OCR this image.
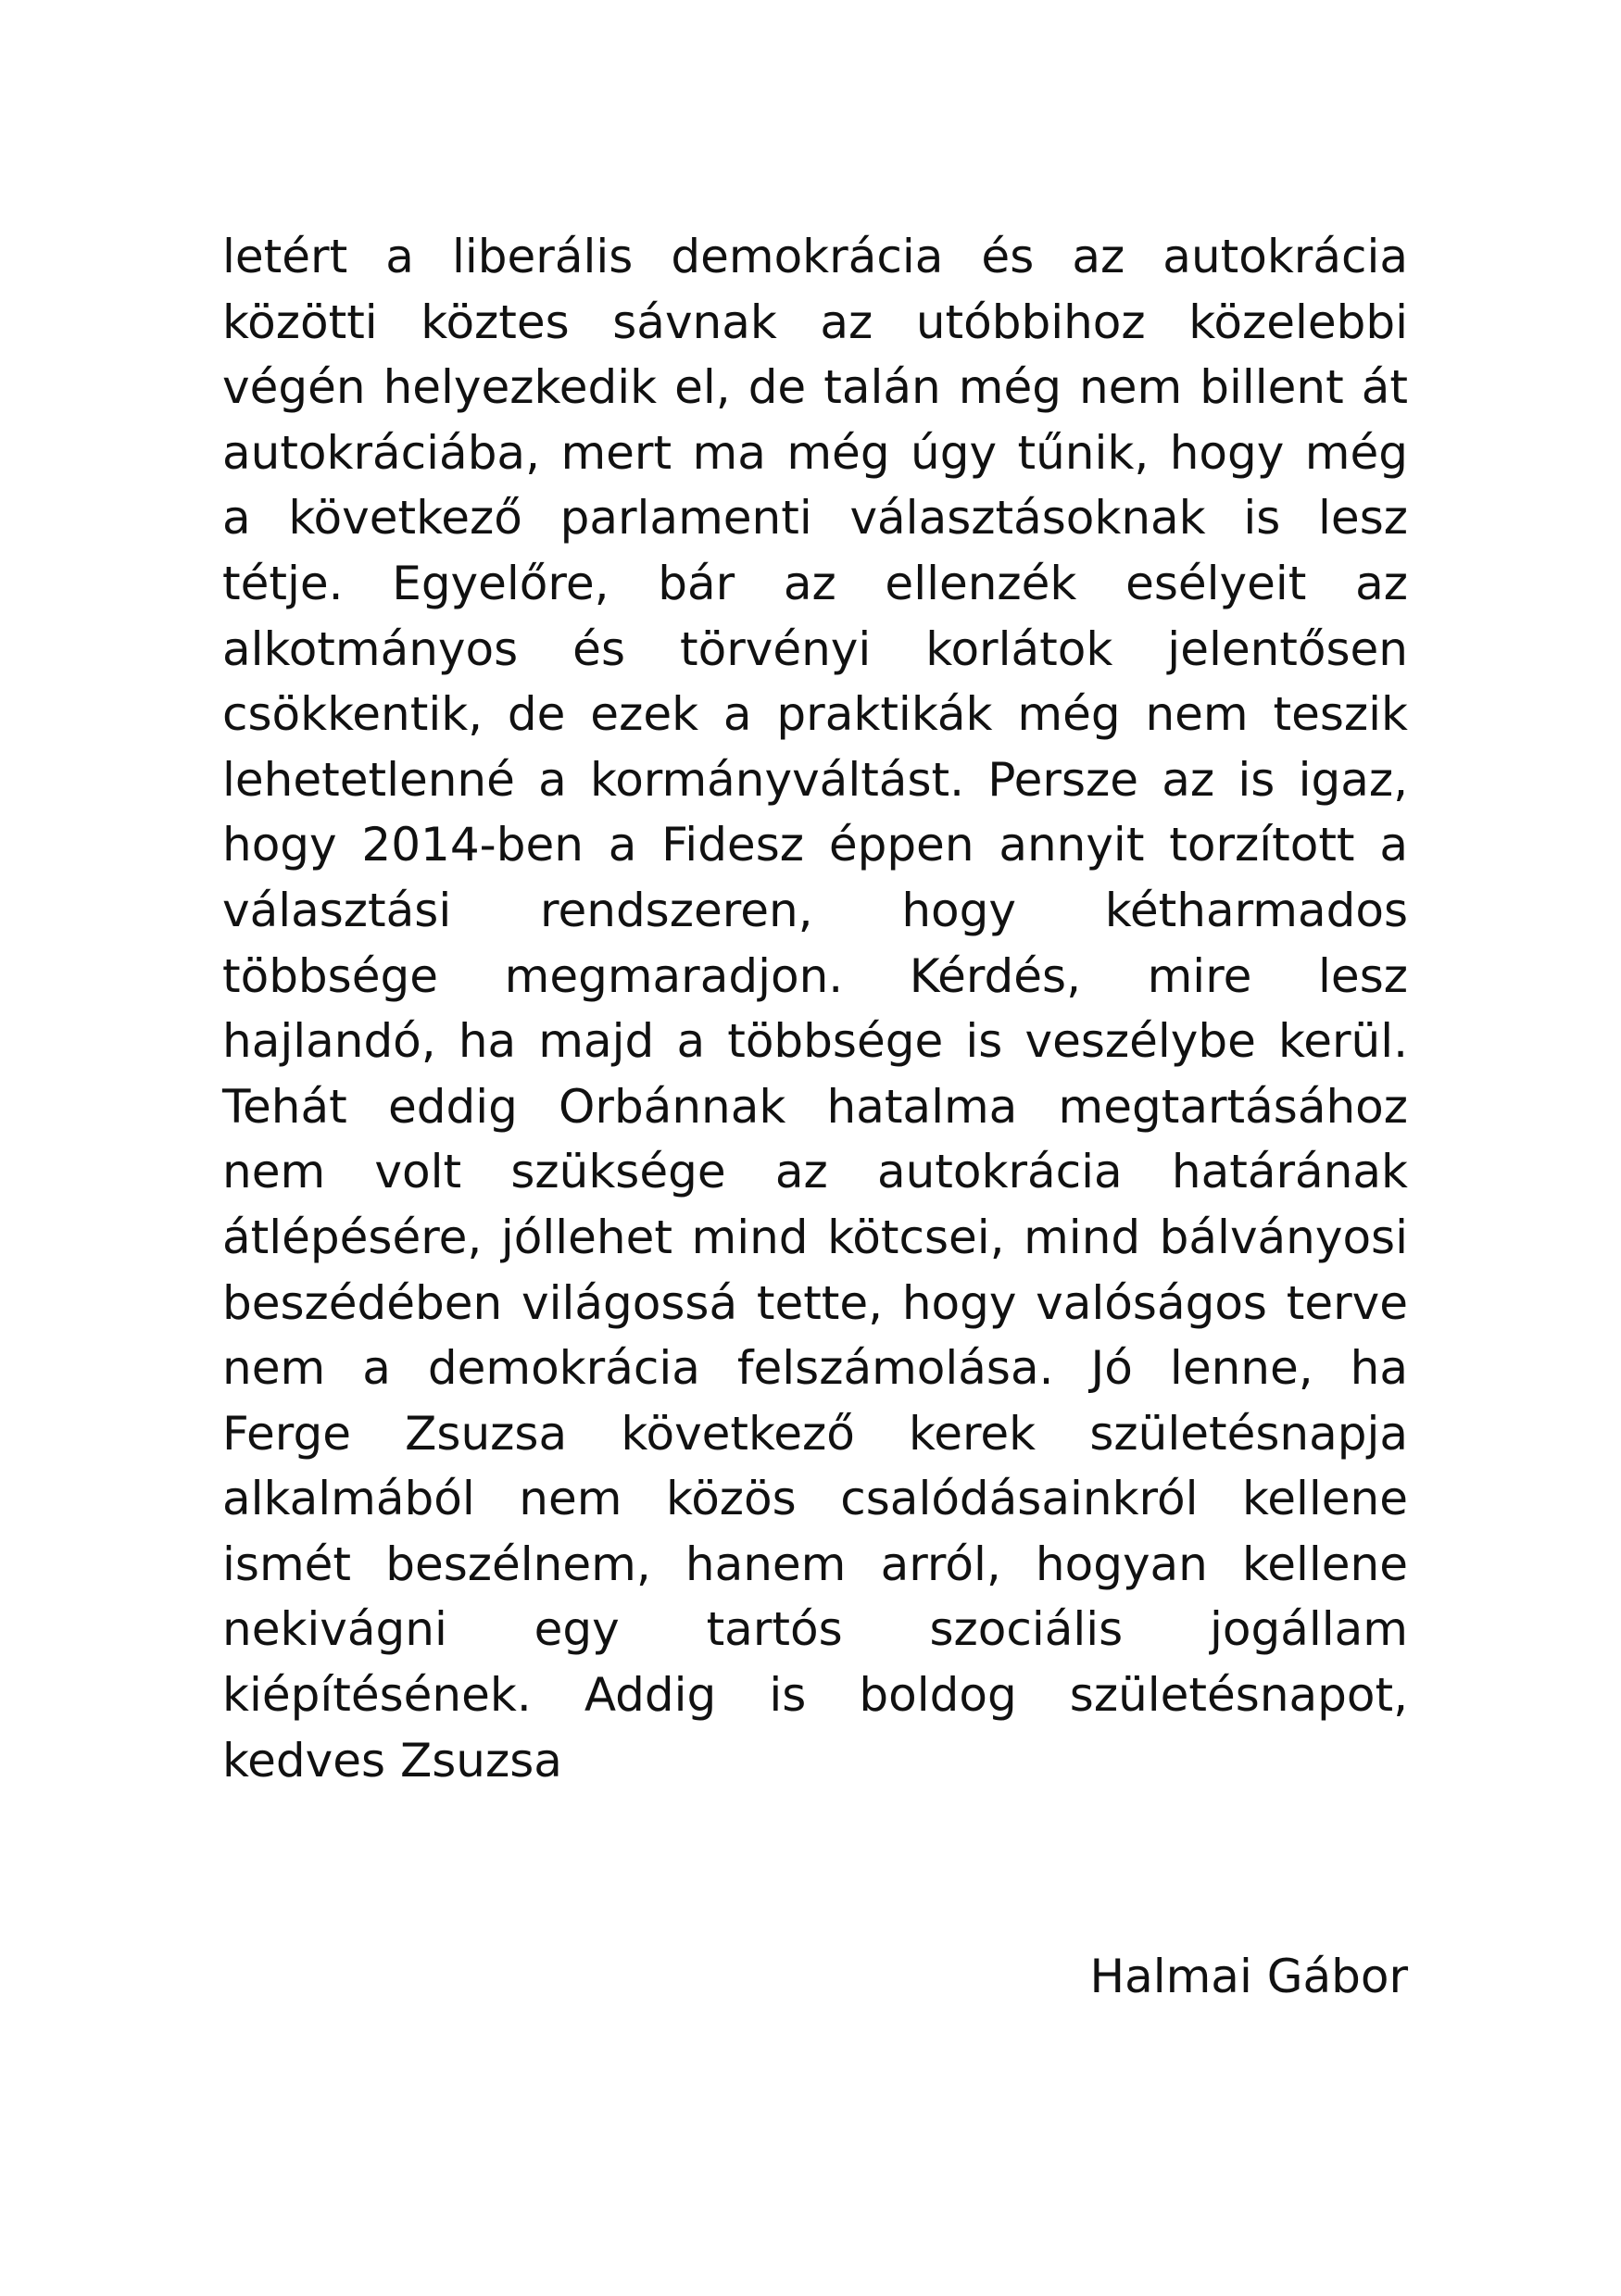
letért a liberális demokrácia és az autokrácia
közötti köztes sávnak az utóbbihoz közelebbi
végén helyezkedik el, de talán még nem billent át
autokráciába, mert ma még úgy tűnik, hogy még
a következő parlamenti választásoknak is lesz
tétje. Egyelőre, bár az ellenzék esélyeit az
alkotmányos és törvényi korlátok jelentősen
csökkentik, de ezek a praktikák még nem teszik
lehetetlenné a kormányváltást. Persze az is igaz,
hogy 2014-ben a Fidesz éppen annyit torzított a
választási rendszeren, hogy kétharmados
többsége megmaradjon. Kérdés, mire lesz
hajlandó, ha majd a többsége is veszélybe kerül.
Tehát eddig Orbánnak hatalma megtartásához
nem volt szüksége az autokrácia határának
átlépésére, jóllehet mind kötcsei, mind bálványosi
beszédében világossá tette, hogy valóságos terve
nem a demokrácia felszámolása. Jó lenne, ha
Ferge Zsuzsa következő kerek születésnapja
alkalmából nem közös csalódásainkról kellene
ismét beszélnem, hanem arról, hogyan kellene
nekivágni egy tartós szociális jogállam
kiépítésének. Addig is boldog születésnapot,
kedves Zsuzsa
Halmai Gábor
